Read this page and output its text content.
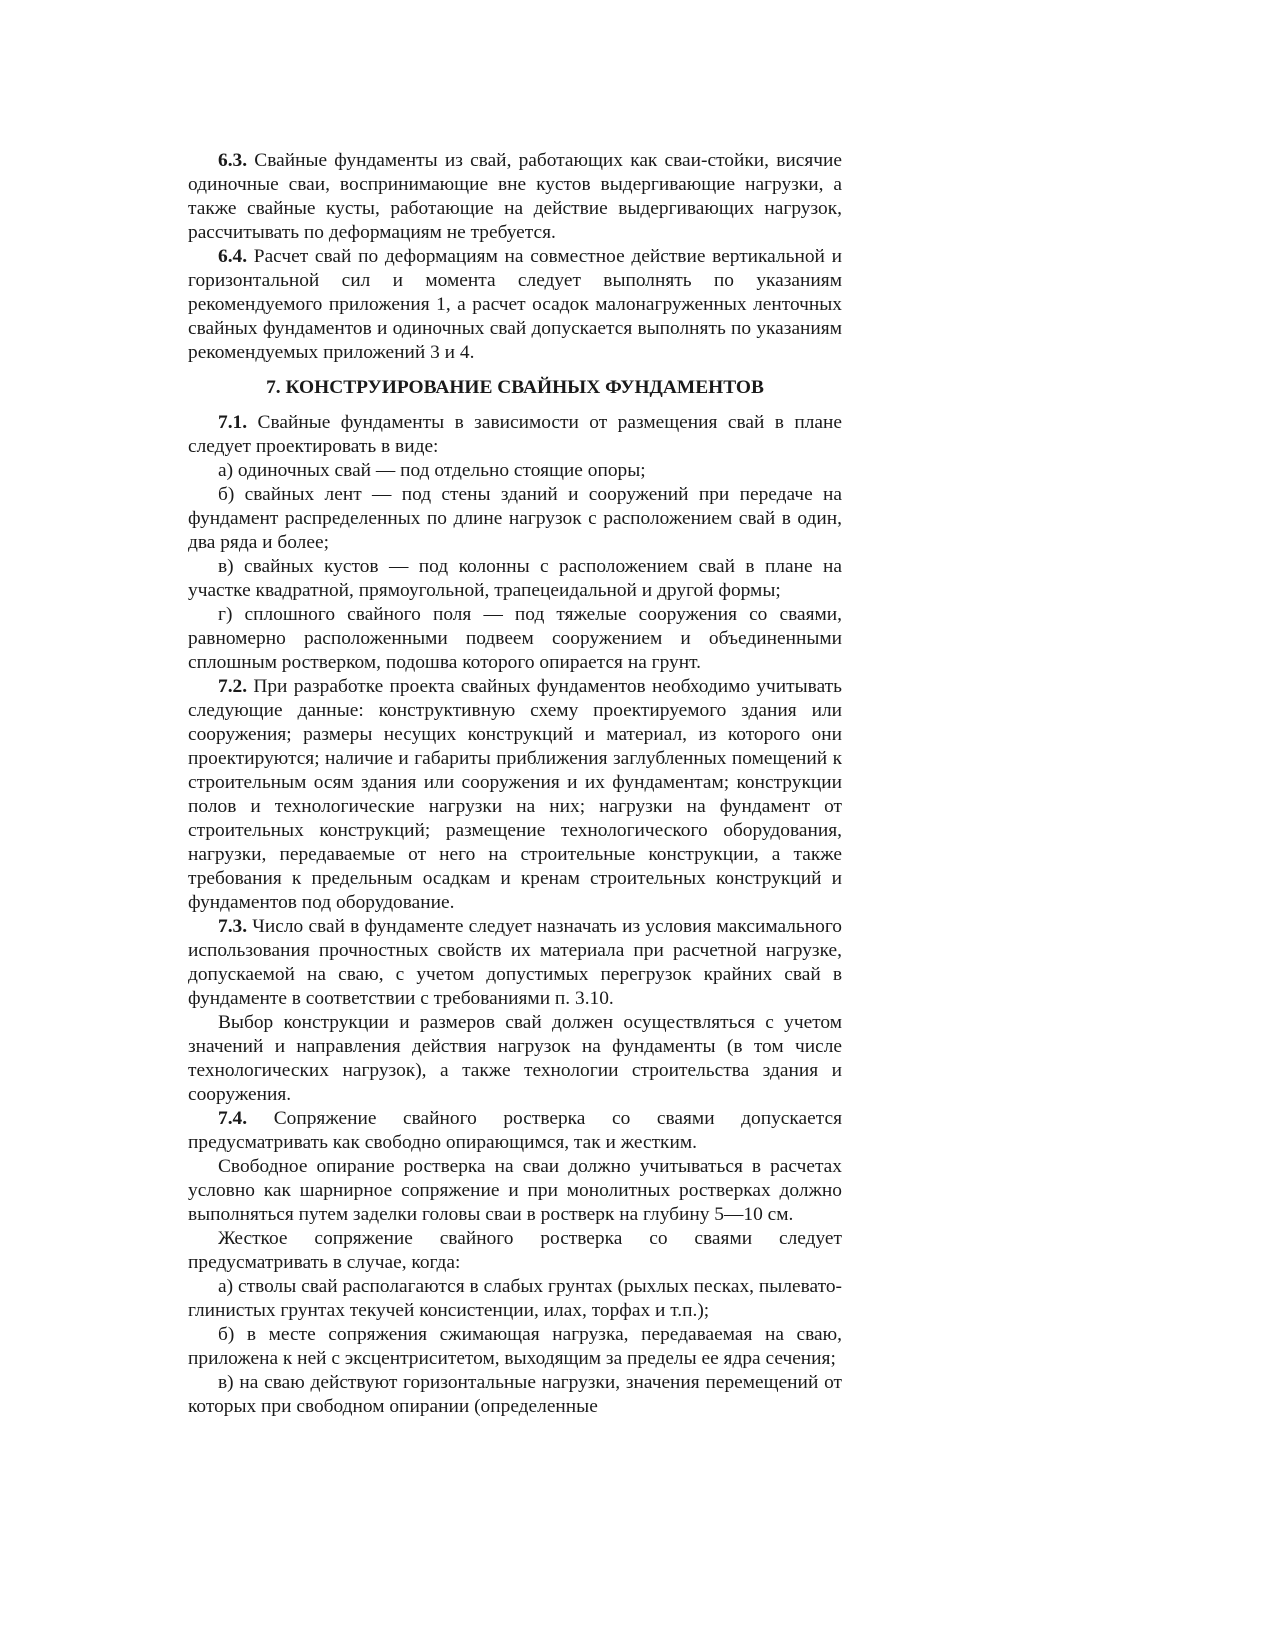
6.3. Свайные фундаменты из свай, работающих как сваи-стойки, висячие одиночные сваи, воспринимающие вне кустов выдергивающие нагрузки, а также свайные кусты, работающие на действие выдергивающих нагрузок, рассчитывать по деформациям не требуется.

6.4. Расчет свай по деформациям на совместное действие вертикальной и горизонтальной сил и момента следует выполнять по указаниям рекомендуемого приложения 1, а расчет осадок малонагруженных ленточных свайных фундаментов и одиночных свай допускается выполнять по указаниям рекомендуемых приложений 3 и 4.

7. КОНСТРУИРОВАНИЕ СВАЙНЫХ ФУНДАМЕНТОВ

7.1. Свайные фундаменты в зависимости от размещения свай в плане следует проектировать в виде:

а) одиночных свай — под отдельно стоящие опоры;

б) свайных лент — под стены зданий и сооружений при передаче на фундамент распределенных по длине нагрузок с расположением свай в один, два ряда и более;

в) свайных кустов — под колонны с расположением свай в плане на участке квадратной, прямоугольной, трапецеидальной и другой формы;

г) сплошного свайного поля — под тяжелые сооружения со сваями, равномерно расположенными подвеем сооружением и объединенными сплошным ростверком, подошва которого опирается на грунт.

7.2. При разработке проекта свайных фундаментов необходимо учитывать следующие данные: конструктивную схему проектируемого здания или сооружения; размеры несущих конструкций и материал, из которого они проектируются; наличие и габариты приближения заглубленных помещений к строительным осям здания или сооружения и их фундаментам; конструкции полов и технологические нагрузки на них; нагрузки на фундамент от строительных конструкций; размещение технологического оборудования, нагрузки, передаваемые от него на строительные конструкции, а также требования к предельным осадкам и кренам строительных конструкций и фундаментов под оборудование.

7.3. Число свай в фундаменте следует назначать из условия максимального использования прочностных свойств их материала при расчетной нагрузке, допускаемой на сваю, с учетом допустимых перегрузок крайних свай в фундаменте в соответствии с требованиями п. 3.10.

Выбор конструкции и размеров свай должен осуществляться с учетом значений и направления действия нагрузок на фундаменты (в том числе технологических нагрузок), а также технологии строительства здания и сооружения.

7.4. Сопряжение свайного ростверка со сваями допускается предусматривать как свободно опирающимся, так и жестким.

Свободное опирание ростверка на сваи должно учитываться в расчетах условно как шарнирное сопряжение и при монолитных ростверках должно выполняться путем заделки головы сваи в ростверк на глубину 5—10 см.

Жесткое сопряжение свайного ростверка со сваями следует предусматривать в случае, когда:

а) стволы свай располагаются в слабых грунтах (рыхлых песках, пылевато-глинистых грунтах текучей консистенции, илах, торфах и т.п.);

б) в месте сопряжения сжимающая нагрузка, передаваемая на сваю, приложена к ней с эксцентриситетом, выходящим за пределы ее ядра сечения;

в) на сваю действуют горизонтальные нагрузки, значения перемещений от которых при свободном опирании (определенные
